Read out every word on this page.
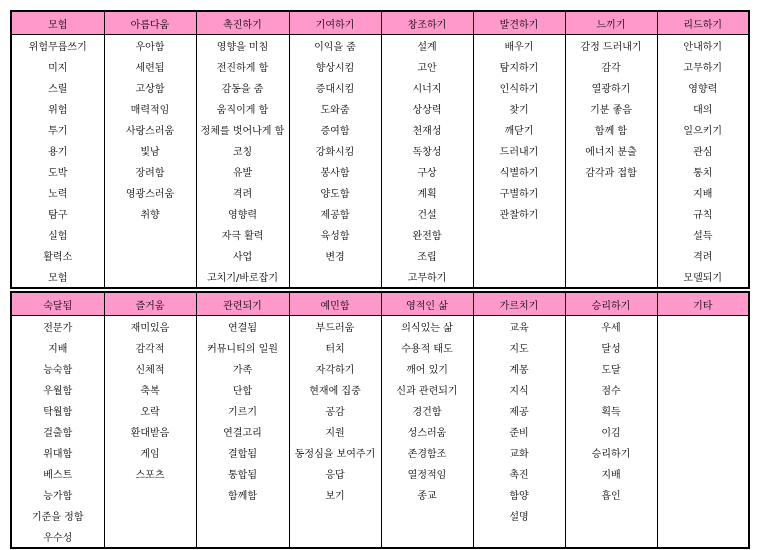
모험	아름다움	촉진하기	기여하기	창조하기	발견하기	느끼기	리드하기
위험무릅쓰기	우아함	영향을 미침	이익을 줌	설계	배우기	감정 드러내기	안내하기
미지	세련됨	전진하게 함	향상시킴	고안	탐지하기	감각	고무하기
스릴	고상함	감동을 줌	증대시킴	시너지	인식하기	열광하기	영향력
위험	매력적임	움직이게 함	도와줌	상상력	찾기	기분 좋음	대의
투기	사랑스러움	정체를 벗어나게 함	증여함	천재성	깨닫기	함께 함	일으키기
용기	빛남	코칭	강화시킴	독창성	드러내기	에너지 분출	관심
도박	장려함	유발	봉사함	구상	식별하기	감각과 접함	통치
노력	영광스러움	격려	양도함	계획	구별하기		지배
탐구	취향	영향력	제공함	건설	관찰하기		규칙
실험		자극 활력	육성함	완전함			설득
활력소		사업	변경	조립			격려
모험		고치기/바로잡기		고무하기			모델되기
숙달됨	즐거움	관련되기	예민함	영적인 삶	가르치기	승리하기	기타
전문가	재미있음	연결됨	부드러움	의식있는 삶	교육	우세	
지배	감각적	커뮤니티의 일원	터치	수용적 태도	지도	달성	
능숙함	신체적	가족	자각하기	깨어 있기	계몽	도달	
우월함	축복	단합	현재에 집중	신과 관련되기	지식	점수	
탁월함	오락	기르기	공감	경건함	제공	획득	
걸출함	환대받음	연결고리	지원	성스러움	준비	이김	
위대함	게임	결합됨	동정심을 보여주기	존경함조	교화	승리하기	
베스트	스포츠	통합됨	응답	열정적임	촉진	지배	
능가함		함께함	보기	종교	함양	흡인	
기준을 정함					설명		
우수성							
